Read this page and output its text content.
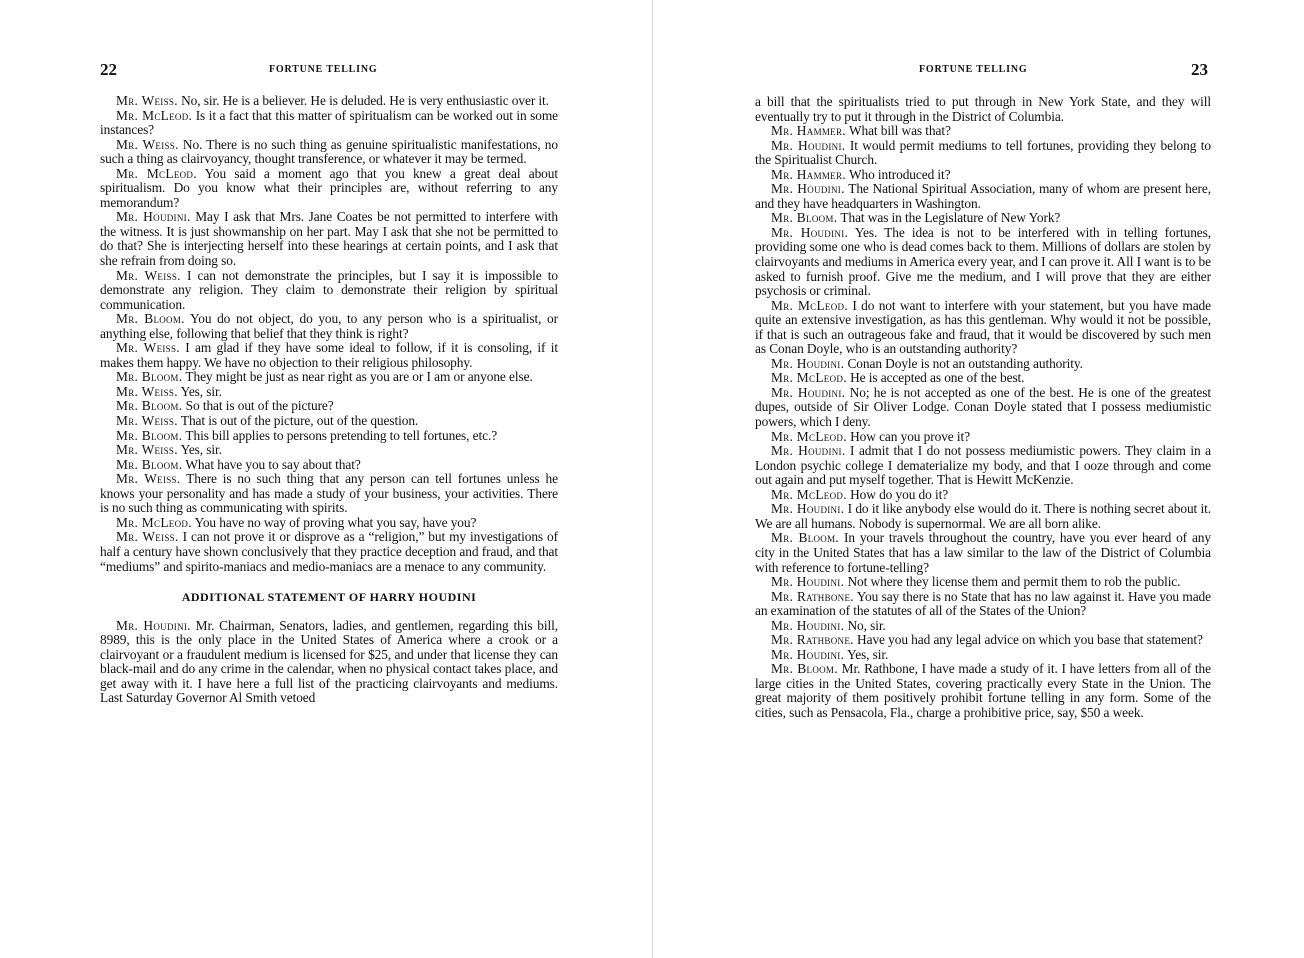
22	FORTUNE TELLING

Mr. Weiss. No, sir. He is a believer. He is deluded. He is very enthusiastic over it.

Mr. McLeod. Is it a fact that this matter of spiritualism can be worked out in some instances?

Mr. Weiss. No. There is no such thing as genuine spiritualistic manifestations, no such a thing as clairvoyancy, thought transference, or whatever it may be termed.

Mr. McLeod. You said a moment ago that you knew a great deal about spiritualism. Do you know what their principles are, without referring to any memorandum?

Mr. Houdini. May I ask that Mrs. Jane Coates be not permitted to interfere with the witness. It is just showmanship on her part. May I ask that she not be permitted to do that? She is interjecting herself into these hearings at certain points, and I ask that she refrain from doing so.

Mr. Weiss. I can not demonstrate the principles, but I say it is impossible to demonstrate any religion. They claim to demonstrate their religion by spiritual communication.

Mr. Bloom. You do not object, do you, to any person who is a spiritualist, or anything else, following that belief that they think is right?

Mr. Weiss. I am glad if they have some ideal to follow, if it is consoling, if it makes them happy. We have no objection to their religious philosophy.

Mr. Bloom. They might be just as near right as you are or I am or anyone else.

Mr. Weiss. Yes, sir.

Mr. Bloom. So that is out of the picture?

Mr. Weiss. That is out of the picture, out of the question.

Mr. Bloom. This bill applies to persons pretending to tell fortunes, etc.?

Mr. Weiss. Yes, sir.

Mr. Bloom. What have you to say about that?

Mr. Weiss. There is no such thing that any person can tell fortunes unless he knows your personality and has made a study of your business, your activities. There is no such thing as communicating with spirits.

Mr. McLeod. You have no way of proving what you say, have you?

Mr. Weiss. I can not prove it or disprove as a “religion,” but my investigations of half a century have shown conclusively that they practice deception and fraud, and that “mediums” and spirito-maniacs and medio-maniacs are a menace to any community.

ADDITIONAL STATEMENT OF HARRY HOUDINI

Mr. Houdini. Mr. Chairman, Senators, ladies, and gentlemen, regarding this bill, 8989, this is the only place in the United States of America where a crook or a clairvoyant or a fraudulent medium is licensed for $25, and under that license they can black-mail and do any crime in the calendar, when no physical contact takes place, and get away with it. I have here a full list of the practicing clairvoyants and mediums. Last Saturday Governor Al Smith vetoed

FORTUNE TELLING	23

a bill that the spiritualists tried to put through in New York State, and they will eventually try to put it through in the District of Columbia.

Mr. Hammer. What bill was that?

Mr. Houdini. It would permit mediums to tell fortunes, providing they belong to the Spiritualist Church.

Mr. Hammer. Who introduced it?

Mr. Houdini. The National Spiritual Association, many of whom are present here, and they have headquarters in Washington.

Mr. Bloom. That was in the Legislature of New York?

Mr. Houdini. Yes. The idea is not to be interfered with in telling fortunes, providing some one who is dead comes back to them. Millions of dollars are stolen by clairvoyants and mediums in America every year, and I can prove it. All I want is to be asked to furnish proof. Give me the medium, and I will prove that they are either psychosis or criminal.

Mr. McLeod. I do not want to interfere with your statement, but you have made quite an extensive investigation, as has this gentleman. Why would it not be possible, if that is such an outrageous fake and fraud, that it would be discovered by such men as Conan Doyle, who is an outstanding authority?

Mr. Houdini. Conan Doyle is not an outstanding authority.

Mr. McLeod. He is accepted as one of the best.

Mr. Houdini. No; he is not accepted as one of the best. He is one of the greatest dupes, outside of Sir Oliver Lodge. Conan Doyle stated that I possess mediumistic powers, which I deny.

Mr. McLeod. How can you prove it?

Mr. Houdini. I admit that I do not possess mediumistic powers. They claim in a London psychic college I dematerialize my body, and that I ooze through and come out again and put myself together. That is Hewitt McKenzie.

Mr. McLeod. How do you do it?

Mr. Houdini. I do it like anybody else would do it. There is nothing secret about it. We are all humans. Nobody is supernormal. We are all born alike.

Mr. Bloom. In your travels throughout the country, have you ever heard of any city in the United States that has a law similar to the law of the District of Columbia with reference to fortune-telling?

Mr. Houdini. Not where they license them and permit them to rob the public.

Mr. Rathbone. You say there is no State that has no law against it. Have you made an examination of the statutes of all of the States of the Union?

Mr. Houdini. No, sir.

Mr. Rathbone. Have you had any legal advice on which you base that statement?

Mr. Houdini. Yes, sir.

Mr. Bloom. Mr. Rathbone, I have made a study of it. I have letters from all of the large cities in the United States, covering practically every State in the Union. The great majority of them positively prohibit fortune telling in any form. Some of the cities, such as Pensacola, Fla., charge a prohibitive price, say, $50 a week.
